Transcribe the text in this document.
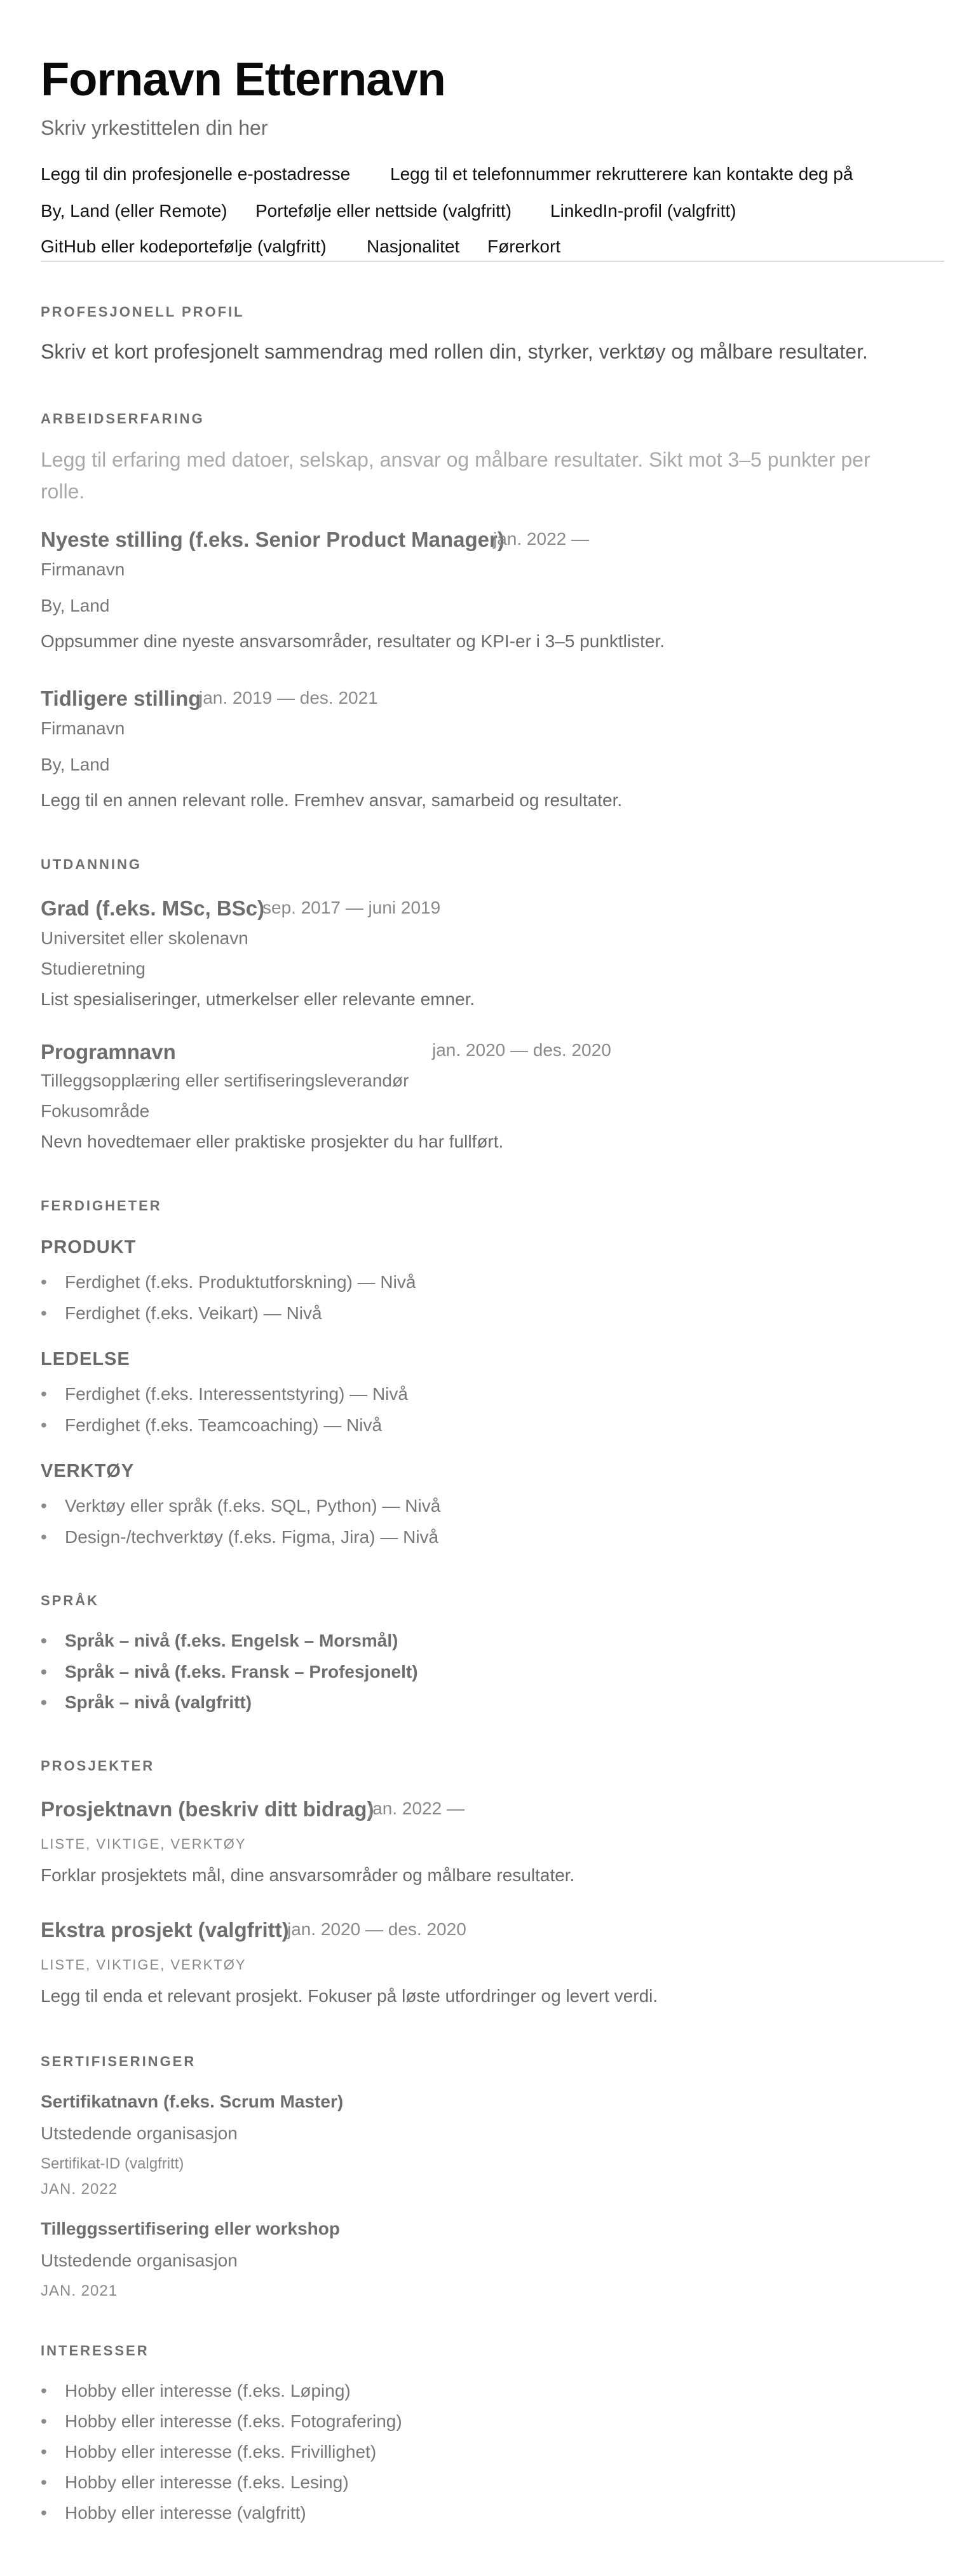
Fornavn Etternavn
Skriv yrkestittelen din her
Legg til din profesjonelle e-postadresse Legg til et telefonnummer rekrutterere kan kontakte deg på
By, Land (eller Remote) Portefølje eller nettside (valgfritt) LinkedIn-profil (valgfritt)
GitHub eller kodeportefølje (valgfritt) Nasjonalitet Førerkort
PROFESJONELL PROFIL
Skriv et kort profesjonelt sammendrag med rollen din, styrker, verktøy og målbare resultater.
ARBEIDSERFARING
Legg til erfaring med datoer, selskap, ansvar og målbare resultater. Sikt mot 3–5 punkter per rolle.
Nyeste stilling (f.eks. Senior Product Manager)
jan. 2022 —
Firmanavn
By, Land
Oppsummer dine nyeste ansvarsområder, resultater og KPI-er i 3–5 punktlister.
Tidligere stilling
jan. 2019 — des. 2021
Firmanavn
By, Land
Legg til en annen relevant rolle. Fremhev ansvar, samarbeid og resultater.
UTDANNING
Grad (f.eks. MSc, BSc)
sep. 2017 — juni 2019
Universitet eller skolenavn
Studieretning
List spesialiseringer, utmerkelser eller relevante emner.
Programnavn	jan. 2020 — des. 2020
Tilleggsopplæring eller sertifiseringsleverandør
Fokusområde
Nevn hovedtemaer eller praktiske prosjekter du har fullført.
FERDIGHETER
PRODUKT
• Ferdighet (f.eks. Produktutforskning) — Nivå
• Ferdighet (f.eks. Veikart) — Nivå
LEDELSE
• Ferdighet (f.eks. Interessentstyring) — Nivå
• Ferdighet (f.eks. Teamcoaching) — Nivå
VERKTØY
• Verktøy eller språk (f.eks. SQL, Python) — Nivå
• Design-/techverktøy (f.eks. Figma, Jira) — Nivå
SPRÅK
• Språk – nivå (f.eks. Engelsk – Morsmål)
• Språk – nivå (f.eks. Fransk – Profesjonelt)
• Språk – nivå (valgfritt)
PROSJEKTER
Prosjektnavn (beskriv ditt bidrag)
jan. 2022 —
LISTE, VIKTIGE, VERKTØY
Forklar prosjektets mål, dine ansvarsområder og målbare resultater.
Ekstra prosjekt (valgfritt)
jan. 2020 — des. 2020
LISTE, VIKTIGE, VERKTØY
Legg til enda et relevant prosjekt. Fokuser på løste utfordringer og levert verdi.
SERTIFISERINGER
Sertifikatnavn (f.eks. Scrum Master)
Utstedende organisasjon
Sertifikat-ID (valgfritt)
JAN. 2022
Tilleggssertifisering eller workshop
Utstedende organisasjon
JAN. 2021
INTERESSER
• Hobby eller interesse (f.eks. Løping)
• Hobby eller interesse (f.eks. Fotografering)
• Hobby eller interesse (f.eks. Frivillighet)
• Hobby eller interesse (f.eks. Lesing)
• Hobby eller interesse (valgfritt)
